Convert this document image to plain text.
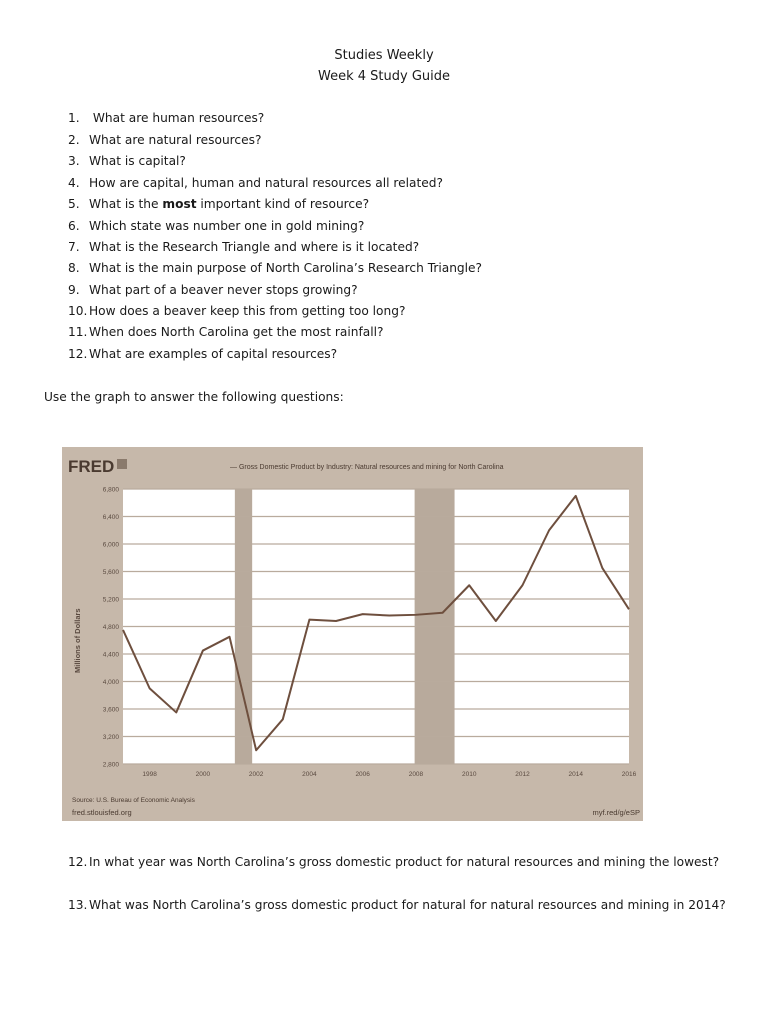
Studies Weekly
Week 4 Study Guide
1. What are human resources?
2. What are natural resources?
3. What is capital?
4. How are capital, human and natural resources all related?
5. What is the most important kind of resource?
6. Which state was number one in gold mining?
7. What is the Research Triangle and where is it located?
8. What is the main purpose of North Carolina’s Research Triangle?
9. What part of a beaver never stops growing?
10. How does a beaver keep this from getting too long?
11. When does North Carolina get the most rainfall?
12. What are examples of capital resources?
Use the graph to answer the following questions:
FRED	— Gross Domestic Product by Industry: Natural resources and mining for North Carolina
6,800
6,400
6,000
5,600
5,200
4,800
4,400
4,000
3,600
3,200
2,800
1998	2000	2002	2004	2006	2008	2010	2012	2014	2016
Millions of Dollars
Source: U.S. Bureau of Economic Analysis
fred.stlouisfed.org	myf.red/g/eSP
12. In what year was North Carolina’s gross domestic product for natural resources and mining the lowest?
13. What was North Carolina’s gross domestic product for natural for natural resources and mining in 2014?
